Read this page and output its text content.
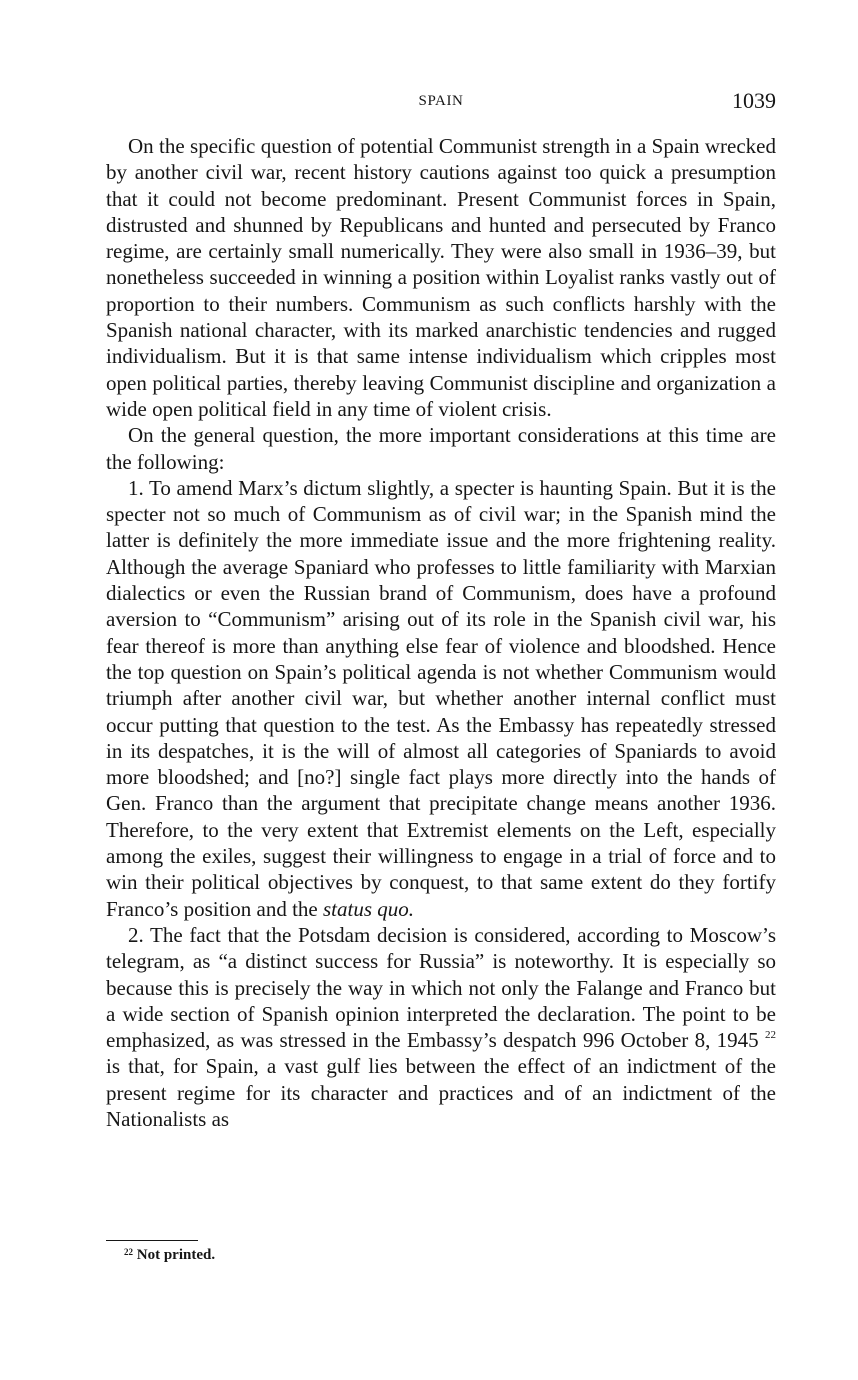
SPAIN	1039

On the specific question of potential Communist strength in a Spain wrecked by another civil war, recent history cautions against too quick a presumption that it could not become predominant. Present Communist forces in Spain, distrusted and shunned by Republicans and hunted and persecuted by Franco regime, are certainly small numerically. They were also small in 1936–39, but nonetheless succeeded in winning a position within Loyalist ranks vastly out of proportion to their numbers. Communism as such conflicts harshly with the Spanish national character, with its marked anarchistic tendencies and rugged individualism. But it is that same intense individualism which cripples most open political parties, thereby leaving Communist discipline and organization a wide open political field in any time of violent crisis.

On the general question, the more important considerations at this time are the following:

1. To amend Marx’s dictum slightly, a specter is haunting Spain. But it is the specter not so much of Communism as of civil war; in the Spanish mind the latter is definitely the more immediate issue and the more frightening reality. Although the average Spaniard who professes to little familiarity with Marxian dialectics or even the Russian brand of Communism, does have a profound aversion to “Communism” arising out of its role in the Spanish civil war, his fear thereof is more than anything else fear of violence and bloodshed. Hence the top question on Spain’s political agenda is not whether Communism would triumph after another civil war, but whether another internal conflict must occur putting that question to the test. As the Embassy has repeatedly stressed in its despatches, it is the will of almost all categories of Spaniards to avoid more bloodshed; and [no?] single fact plays more directly into the hands of Gen. Franco than the argument that precipitate change means another 1936. Therefore, to the very extent that Extremist elements on the Left, especially among the exiles, suggest their willingness to engage in a trial of force and to win their political objectives by conquest, to that same extent do they fortify Franco’s position and the status quo.

2. The fact that the Potsdam decision is considered, according to Moscow’s telegram, as “a distinct success for Russia” is noteworthy. It is especially so because this is precisely the way in which not only the Falange and Franco but a wide section of Spanish opinion interpreted the declaration. The point to be emphasized, as was stressed in the Embassy’s despatch 996 October 8, 1945 $^{22}$ is that, for Spain, a vast gulf lies between the effect of an indictment of the present regime for its character and practices and of an indictment of the Nationalists as

$^{22}$ Not printed.
